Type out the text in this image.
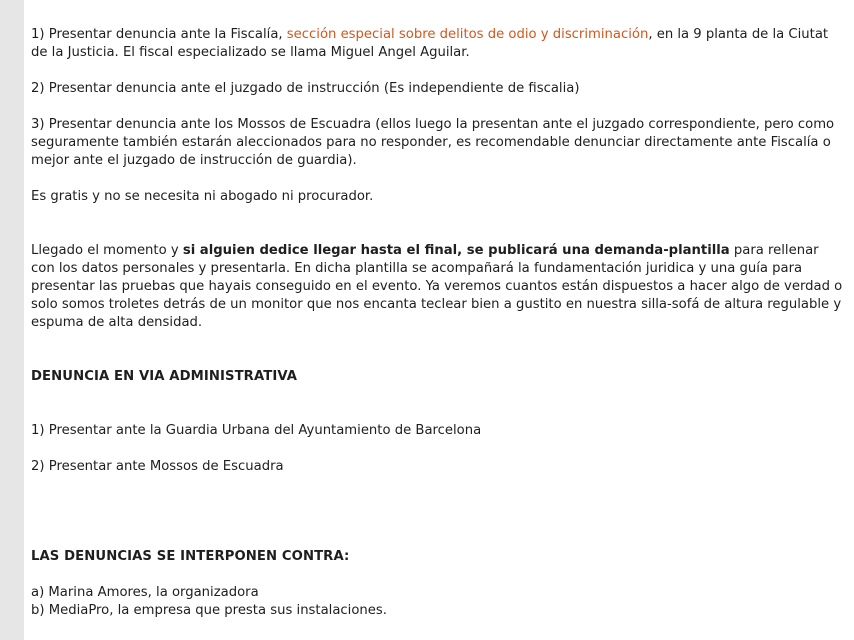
1) Presentar denuncia ante la Fiscalía, sección especial sobre delitos de odio y discriminación, en la 9 planta de la Ciutat de la Justicia. El fiscal especializado se llama Miguel Angel Aguilar.

2) Presentar denuncia ante el juzgado de instrucción (Es independiente de fiscalia)

3) Presentar denuncia ante los Mossos de Escuadra (ellos luego la presentan ante el juzgado correspondiente, pero como seguramente también estarán aleccionados para no responder, es recomendable denunciar directamente ante Fiscalía o mejor ante el juzgado de instrucción de guardia).

Es gratis y no se necesita ni abogado ni procurador.

Llegado el momento y si alguien dedice llegar hasta el final, se publicará una demanda-plantilla para rellenar con los datos personales y presentarla. En dicha plantilla se acompañará la fundamentación juridica y una guía para presentar las pruebas que hayais conseguido en el evento. Ya veremos cuantos están dispuestos a hacer algo de verdad o solo somos troletes detrás de un monitor que nos encanta teclear bien a gustito en nuestra silla-sofá de altura regulable y espuma de alta densidad.

DENUNCIA EN VIA ADMINISTRATIVA

1) Presentar ante la Guardia Urbana del Ayuntamiento de Barcelona

2) Presentar ante Mossos de Escuadra

LAS DENUNCIAS SE INTERPONEN CONTRA:

a) Marina Amores, la organizadora

b) MediaPro, la empresa que presta sus instalaciones.
